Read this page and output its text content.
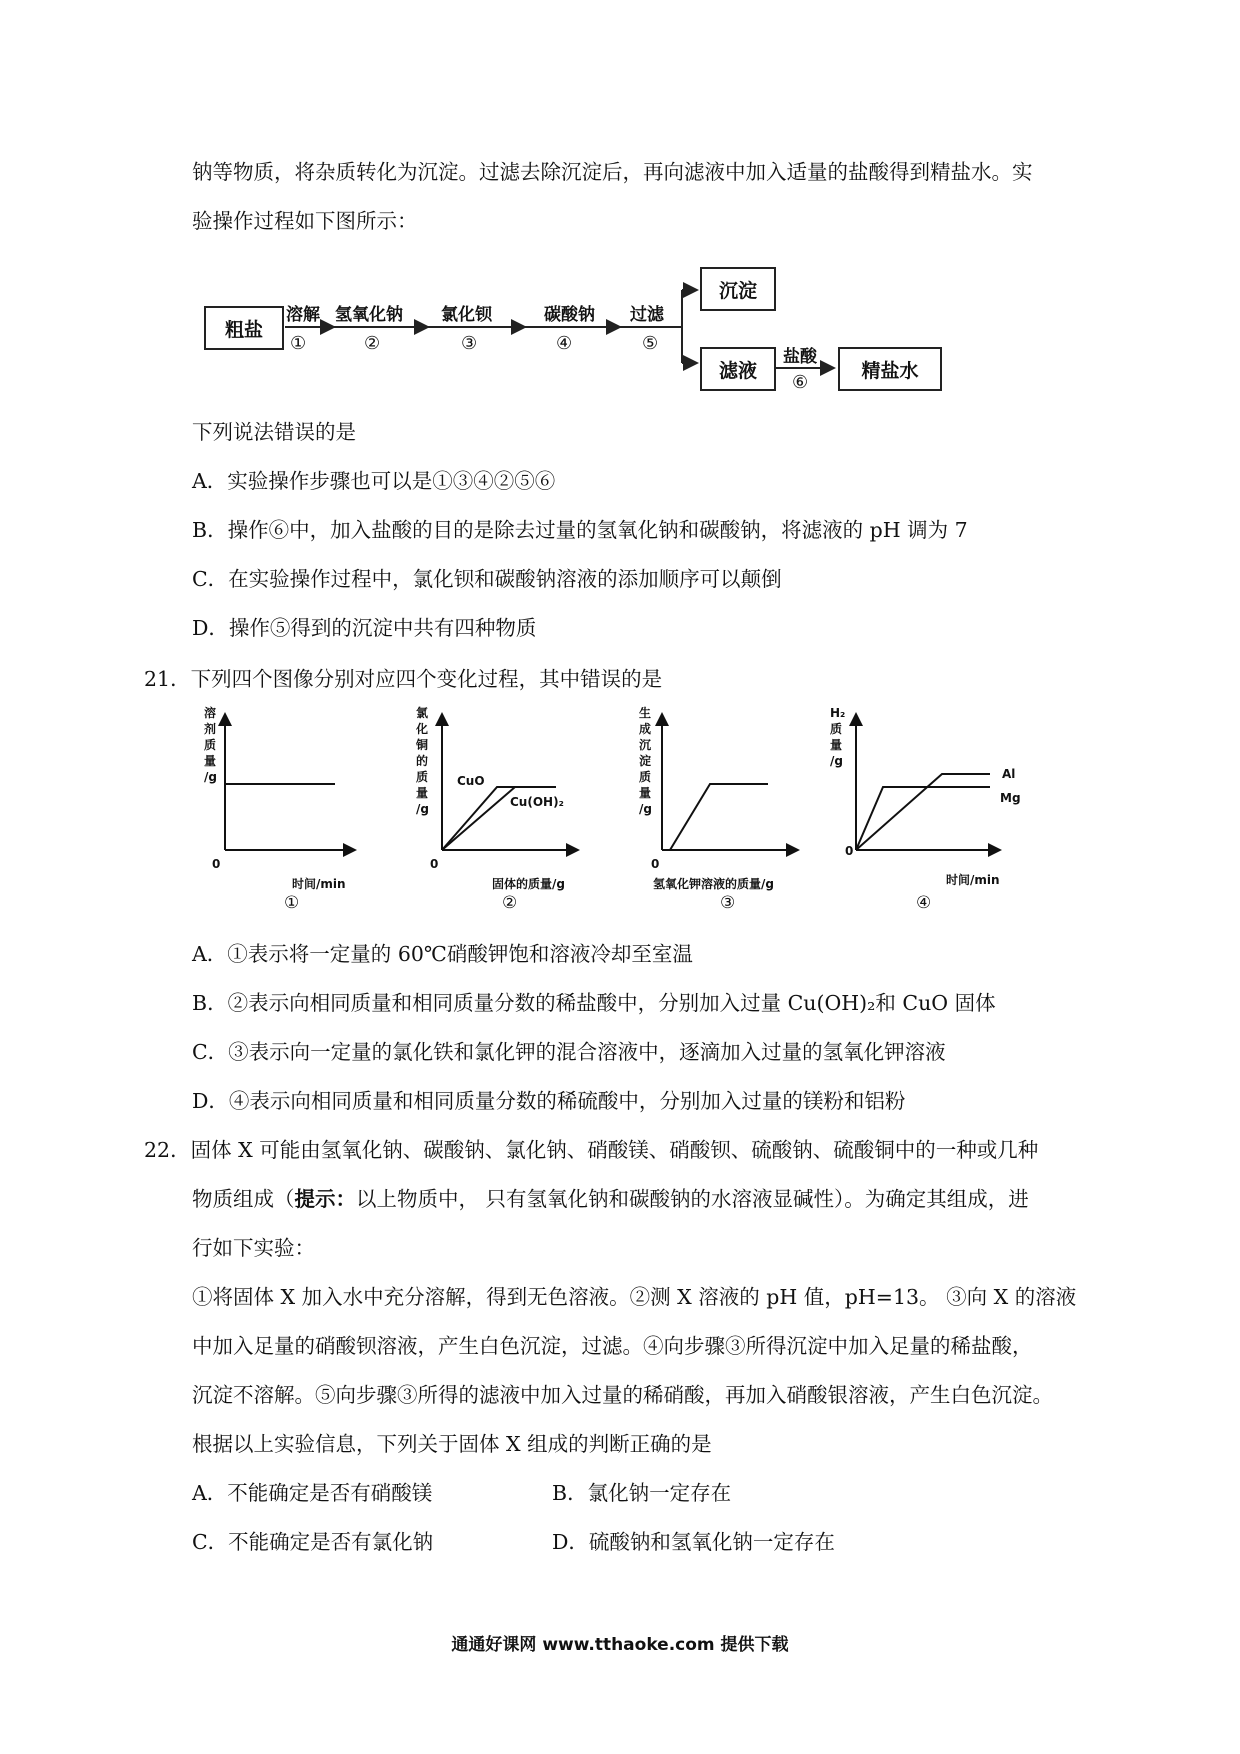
钠等物质，将杂质转化为沉淀。过滤去除沉淀后，再向滤液中加入适量的盐酸得到精盐水。实
验操作过程如下图所示：
粗盐
溶解
①
氢氧化钠
②
氯化钡
③
碳酸钠
④
过滤
⑤
沉淀
滤液
盐酸
⑥
精盐水
下列说法错误的是
A．实验操作步骤也可以是①③④②⑤⑥
B．操作⑥中，加入盐酸的目的是除去过量的氢氧化钠和碳酸钠，将滤液的 pH 调为 7
C．在实验操作过程中，氯化钡和碳酸钠溶液的添加顺序可以颠倒
D．操作⑤得到的沉淀中共有四种物质
21．下列四个图像分别对应四个变化过程，其中错误的是
溶
剂
质
量
/g
0
时间/min
①
氯
化
铜
的
质
量
/g
CuO
Cu(OH)₂
0
固体的质量/g
②
生
成
沉
淀
质
量
/g
0
氢氧化钾溶液的质量/g
③
H₂
质
量
/g
Al
Mg
0
时间/min
④
A．①表示将一定量的 60℃硝酸钾饱和溶液冷却至室温
B．②表示向相同质量和相同质量分数的稀盐酸中，分别加入过量 Cu(OH)₂和 CuO 固体
C．③表示向一定量的氯化铁和氯化钾的混合溶液中，逐滴加入过量的氢氧化钾溶液
D．④表示向相同质量和相同质量分数的稀硫酸中，分别加入过量的镁粉和铝粉
22．固体 X 可能由氢氧化钠、碳酸钠、氯化钠、硝酸镁、硝酸钡、硫酸钠、硫酸铜中的一种或几种
物质组成（提示：以上物质中， 只有氢氧化钠和碳酸钠的水溶液显碱性）。为确定其组成，进
行如下实验：
①将固体 X 加入水中充分溶解，得到无色溶液。②测 X 溶液的 pH 值，pH=13。 ③向 X 的溶液
中加入足量的硝酸钡溶液，产生白色沉淀，过滤。④向步骤③所得沉淀中加入足量的稀盐酸，
沉淀不溶解。⑤向步骤③所得的滤液中加入过量的稀硝酸，再加入硝酸银溶液，产生白色沉淀。
根据以上实验信息，下列关于固体 X 组成的判断正确的是
A．不能确定是否有硝酸镁	B．氯化钠一定存在
C．不能确定是否有氯化钠	D．硫酸钠和氢氧化钠一定存在
通通好课网 www.tthaoke.com 提供下载
